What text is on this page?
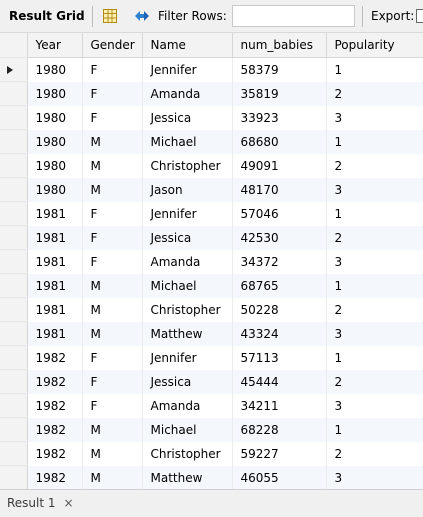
Result Grid	Filter Rows:	Export:
	Year	Gender	Name	num_babies	Popularity
	1980	F	Jennifer	58379	1
	1980	F	Amanda	35819	2
	1980	F	Jessica	33923	3
	1980	M	Michael	68680	1
	1980	M	Christopher	49091	2
	1980	M	Jason	48170	3
	1981	F	Jennifer	57046	1
	1981	F	Jessica	42530	2
	1981	F	Amanda	34372	3
	1981	M	Michael	68765	1
	1981	M	Christopher	50228	2
	1981	M	Matthew	43324	3
	1982	F	Jennifer	57113	1
	1982	F	Jessica	45444	2
	1982	F	Amanda	34211	3
	1982	M	Michael	68228	1
	1982	M	Christopher	59227	2
	1982	M	Matthew	46055	3

Result 1 ×
